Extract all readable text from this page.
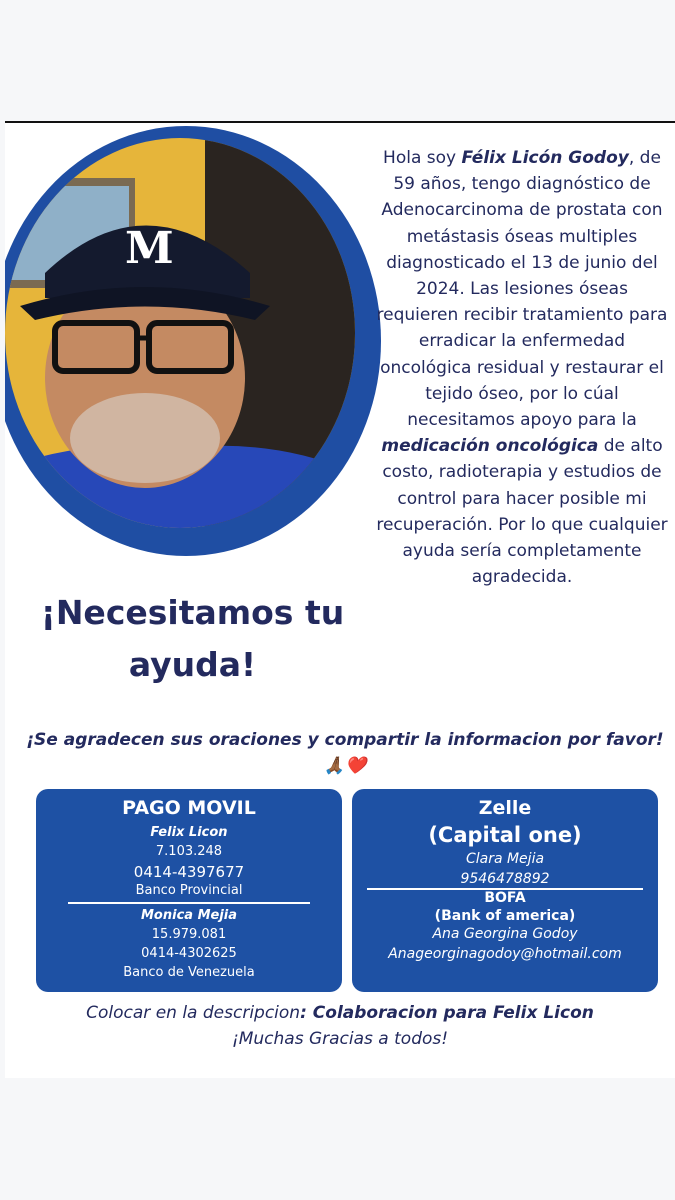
M
Hola soy Félix Licón Godoy, de 59 años, tengo diagnóstico de Adenocarcinoma de prostata con metástasis óseas multiples diagnosticado el 13 de junio del 2024. Las lesiones óseas requieren recibir tratamiento para erradicar la enfermedad oncológica residual y restaurar el tejido óseo, por lo cúal necesitamos apoyo para la medicación oncológica de alto costo, radioterapia y estudios de control para hacer posible mi recuperación. Por lo que cualquier ayuda sería completamente agradecida.
¡Necesitamos tu ayuda!
¡Se agradecen sus oraciones y compartir la informacion por favor! 🙏🏾❤️
PAGO MOVIL
Felix Licon
7.103.248
0414-4397677
Banco Provincial
Monica Mejia
15.979.081
0414-4302625
Banco de Venezuela
Zelle
(Capital one)
Clara Mejia
9546478892
BOFA
(Bank of america)
Ana Georgina Godoy
Anageorginagodoy@hotmail.com
Colocar en la descripcion: Colaboracion para Felix Licon
¡Muchas Gracias a todos!
